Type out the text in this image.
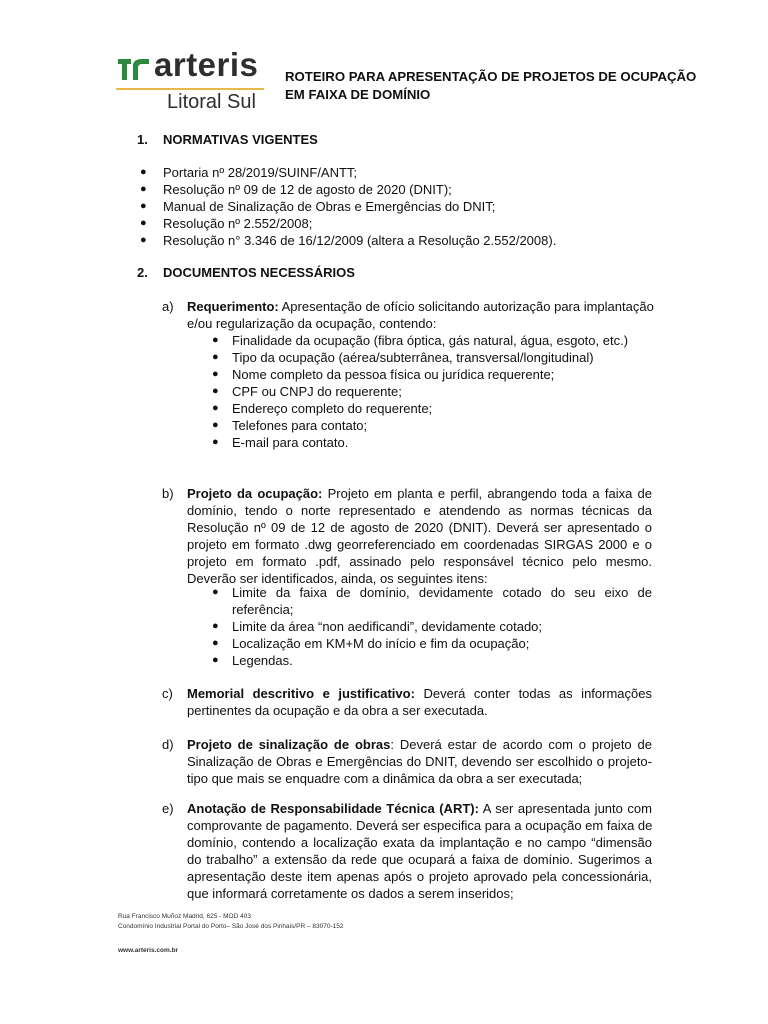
arteris
Litoral Sul
ROTEIRO PARA APRESENTAÇÃO DE PROJETOS DE OCUPAÇÃO
EM FAIXA DE DOMÍNIO
1. NORMATIVAS VIGENTES
● Portaria nº 28/2019/SUINF/ANTT;
● Resolução nº 09 de 12 de agosto de 2020 (DNIT);
● Manual de Sinalização de Obras e Emergências do DNIT;
● Resolução nº 2.552/2008;
● Resolução n° 3.346 de 16/12/2009 (altera a Resolução 2.552/2008).
2. DOCUMENTOS NECESSÁRIOS
a) Requerimento: Apresentação de ofício solicitando autorização para implantação
e/ou regularização da ocupação, contendo:
● Finalidade da ocupação (fibra óptica, gás natural, água, esgoto, etc.)
● Tipo da ocupação (aérea/subterrânea, transversal/longitudinal)
● Nome completo da pessoa física ou jurídica requerente;
● CPF ou CNPJ do requerente;
● Endereço completo do requerente;
● Telefones para contato;
● E-mail para contato.
b) Projeto da ocupação: Projeto em planta e perfil, abrangendo toda a faixa de
domínio, tendo o norte representado e atendendo as normas técnicas da
Resolução nº 09 de 12 de agosto de 2020 (DNIT). Deverá ser apresentado o
projeto em formato .dwg georreferenciado em coordenadas SIRGAS 2000 e o
projeto em formato .pdf, assinado pelo responsável técnico pelo mesmo.
Deverão ser identificados, ainda, os seguintes itens:
● Limite da faixa de domínio, devidamente cotado do seu eixo de
referência;
● Limite da área “non aedificandi”, devidamente cotado;
● Localização em KM+M do início e fim da ocupação;
● Legendas.
c) Memorial descritivo e justificativo: Deverá conter todas as informações
pertinentes da ocupação e da obra a ser executada.
d) Projeto de sinalização de obras: Deverá estar de acordo com o projeto de
Sinalização de Obras e Emergências do DNIT, devendo ser escolhido o projeto-
tipo que mais se enquadre com a dinâmica da obra a ser executada;
e) Anotação de Responsabilidade Técnica (ART): A ser apresentada junto com
comprovante de pagamento. Deverá ser especifica para a ocupação em faixa de
domínio, contendo a localização exata da implantação e no campo “dimensão
do trabalho” a extensão da rede que ocupará a faixa de domínio. Sugerimos a
apresentação deste item apenas após o projeto aprovado pela concessionária,
que informará corretamente os dados a serem inseridos;
Rua Francisco Muñoz Madrid, 625 - MOD 403
Condomínio Industrial Portal do Porto– São José dos Pinhais/PR – 83070-152
www.arteris.com.br
